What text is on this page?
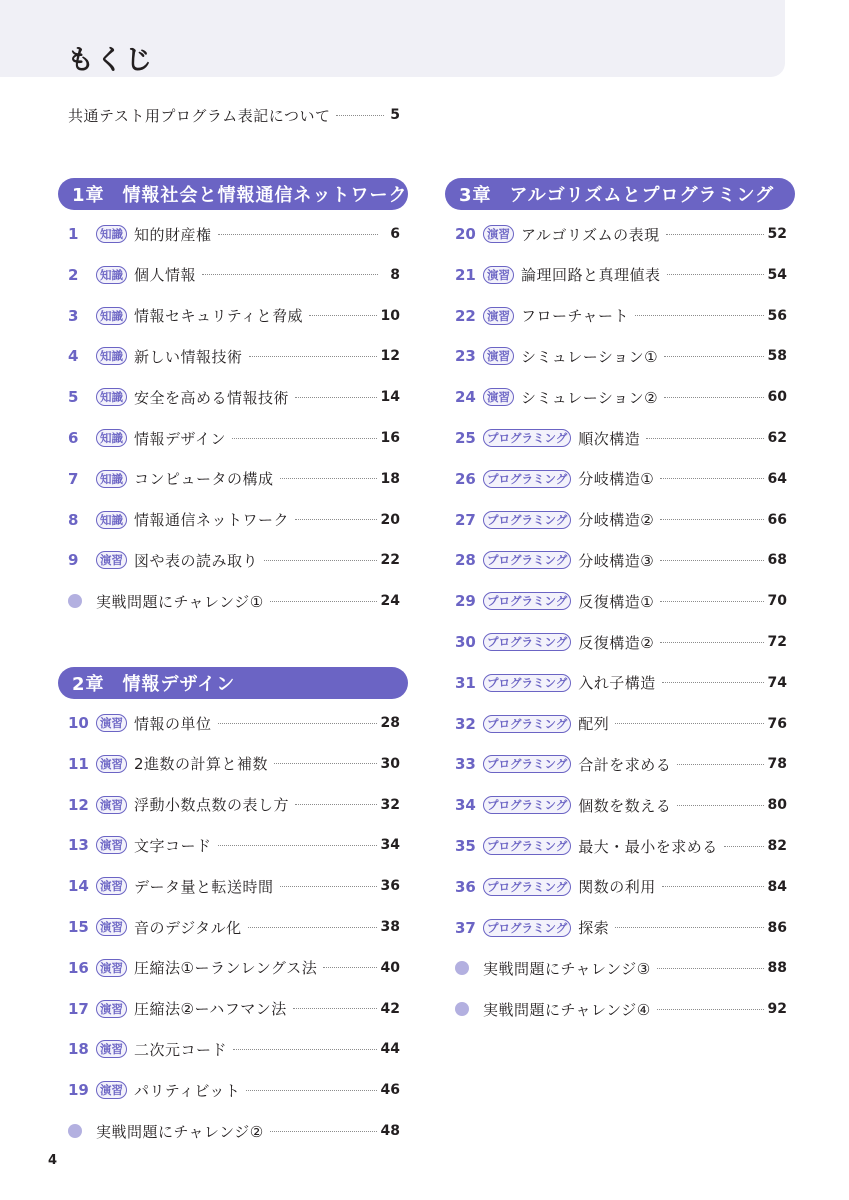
もくじ
共通テスト用プログラム表記について	5
1章 情報社会と情報通信ネットワーク
2章 情報デザイン
3章 アルゴリズムとプログラミング
1	知識 知的財産権	6
2	知識 個人情報	8
3	知識 情報セキュリティと脅威	10
4	知識 新しい情報技術	12
5	知識 安全を高める情報技術	14
6	知識 情報デザイン	16
7	知識 コンピュータの構成	18
8	知識 情報通信ネットワーク	20
9	演習 図や表の読み取り	22
実戦問題にチャレンジ①	24
10 演習 情報の単位	28
11 演習 2進数の計算と補数	30
12 演習 浮動小数点数の表し方	32
13 演習 文字コード	34
14 演習 データ量と転送時間	36
15 演習 音のデジタル化	38
16 演習 圧縮法①ーランレングス法	40
17 演習 圧縮法②ーハフマン法	42
18 演習 二次元コード	44
19 演習 パリティビット	46
実戦問題にチャレンジ②	48
20 演習 アルゴリズムの表現	52
21 演習 論理回路と真理値表	54
22 演習 フローチャート	56
23 演習 シミュレーション①	58
24 演習 シミュレーション②	60
25 プログラミング 順次構造	62
26 プログラミング 分岐構造①	64
27 プログラミング 分岐構造②	66
28 プログラミング 分岐構造③	68
29 プログラミング 反復構造①	70
30 プログラミング 反復構造②	72
31 プログラミング 入れ子構造	74
32 プログラミング 配列	76
33 プログラミング 合計を求める	78
34 プログラミング 個数を数える	80
35 プログラミング 最大・最小を求める	82
36 プログラミング 関数の利用	84
37 プログラミング 探索	86
実戦問題にチャレンジ③	88
実戦問題にチャレンジ④	92
4
